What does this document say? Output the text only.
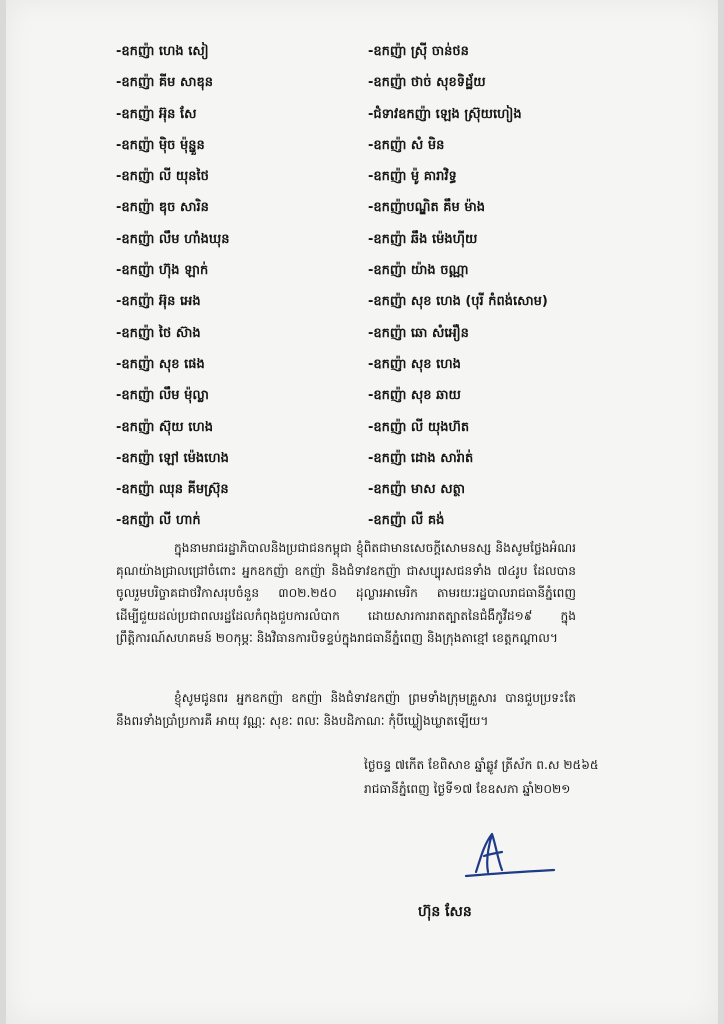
-ឧកញ៉ា ហេង សៀ	-ឧកញ៉ា ស៊្រី ចាន់ថន
-ឧកញ៉ា គីម សាឌុន	-ឧកញ៉ា ថាច់ សុខទិដ្ឋ័យ
-ឧកញ៉ា អ៊ុន សែ	-ជំទាវឧកញ៉ា ឡេង ស្រ៊ុយហៀង
-ឧកញ៉ា ម៉ិច ម៉ុន្នួន	-ឧកញ៉ា សំ មិន
-ឧកញ៉ា លី យុនថៃ	-ឧកញ៉ា ម៉ូ គារាវិទ្ធ
-ឧកញ៉ា ឌុច សារិន	-ឧកញ៉ាបណ្ឌិត គឹម ម៉ាង
-ឧកញ៉ា លឹម ហាំងឃុន	-ឧកញ៉ា ឆឹង ម៉េងហុីយ
-ឧកញ៉ា ហ៊ុង ឡាក់	-ឧកញ៉ា យ៉ាង ចណ្ណា
-ឧកញ៉ា អ៊ុន អេង	-ឧកញ៉ា សុខ ហេង (បុរី កំពង់សោម)
-ឧកញ៉ា ថៃ ស៊ាង	-ឧកញ៉ា ឆោ សំអឿន
-ឧកញ៉ា សុខ ផេង	-ឧកញ៉ា សុខ ហេង
-ឧកញ៉ា លឹម ម៉ុល្លា	-ឧកញ៉ា សុខ ឆាយ
-ឧកញ៉ា ស៊ុយ ហេង	-ឧកញ៉ា លី យុងហ៊ត
-ឧកញ៉ា ឡៅ ម៉េងហេង	-ឧកញ៉ា ដោង សារ៉ាត់
-ឧកញ៉ា ឈុន គីមស្រ៊ុន	-ឧកញ៉ា មាស សត្ថា
-ឧកញ៉ា លី ហាក់	-ឧកញ៉ា លី គង់
ក្នុងនាមរាជរដ្ឋាភិបាលនិងប្រជាជនកម្ពុជា ខ្ញុំពិតជាមានសេចក្តីសោមនស្ស និងសូមថ្លែងអំណរគុណយ៉ាងជ្រាលជ្រៅចំពោះ អ្នកឧកញ៉ា ឧកញ៉ា និងជំទាវឧកញ៉ា ជាសប្បុរសជនទាំង ៧៤រូប ដែលបានចូលរួមបរិច្ចាគជាថវិកាសរុបចំនួន ៣០២.២៥០ ដុល្លារអាមេរិក តាមរយៈរដ្ឋបាលរាជធានីភ្នំពេញ ដើម្បីជួយដល់ប្រជាពលរដ្ឋដែលកំពុងជួបការលំបាក ដោយសារការរាតត្បាតនៃជំងឺកូវីដ១៩ ក្នុងព្រឹត្តិការណ៍សហគមន៍ ២០កុម្ភៈ និងវិធានការបិទខ្ទប់ក្នុងរាជធានីភ្នំពេញ និងក្រុងតាខ្មៅ ខេត្តកណ្តាល។
ខ្ញុំសូមជូនពរ អ្នកឧកញ៉ា ឧកញ៉ា និងជំទាវឧកញ៉ា ព្រមទាំងក្រុមគ្រួសារ បានជួបប្រទះតែនឹងពរទាំងប្រាំប្រការគឺ អាយុ វណ្ណៈ សុខៈ ពលៈ និងបដិភាណៈ កុំបីឃ្លៀងឃ្លាតឡើយ។
ថ្ងៃចន្ទ ៧កេីត ខែពិសាខ ឆ្នាំឆ្លូវ ត្រីស័ក ព.ស ២៥៦៥
រាជធានីភ្នំពេញ ថ្ងៃទី១៧ ខែឧសភា ឆ្នាំ២០២១
ហ៊ុន សែន
